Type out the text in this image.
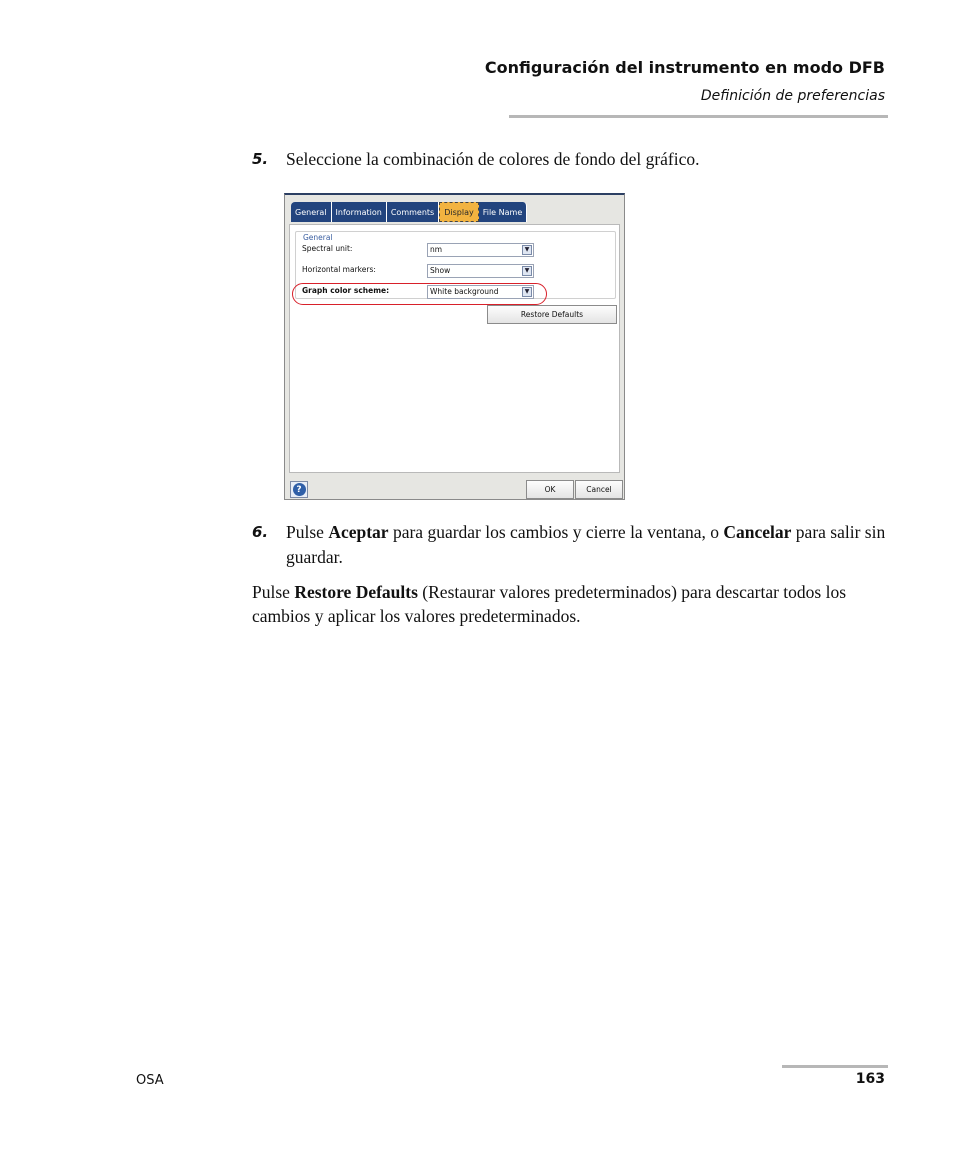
Configuración del instrumento en modo DFB
Definición de preferencias
5. Seleccione la combinación de colores de fondo del gráfico.
General	Information	Comments	Display	File Name
General
Spectral unit:	nm	▼
Horizontal markers:	Show	▼
Graph color scheme:	White background	▼
Restore Defaults
?	OK	Cancel
6. Pulse Aceptar para guardar los cambios y cierre la ventana, o Cancelar para salir sin guardar.
Pulse Restore Defaults (Restaurar valores predeterminados) para descartar todos los cambios y aplicar los valores predeterminados.
OSA	163
